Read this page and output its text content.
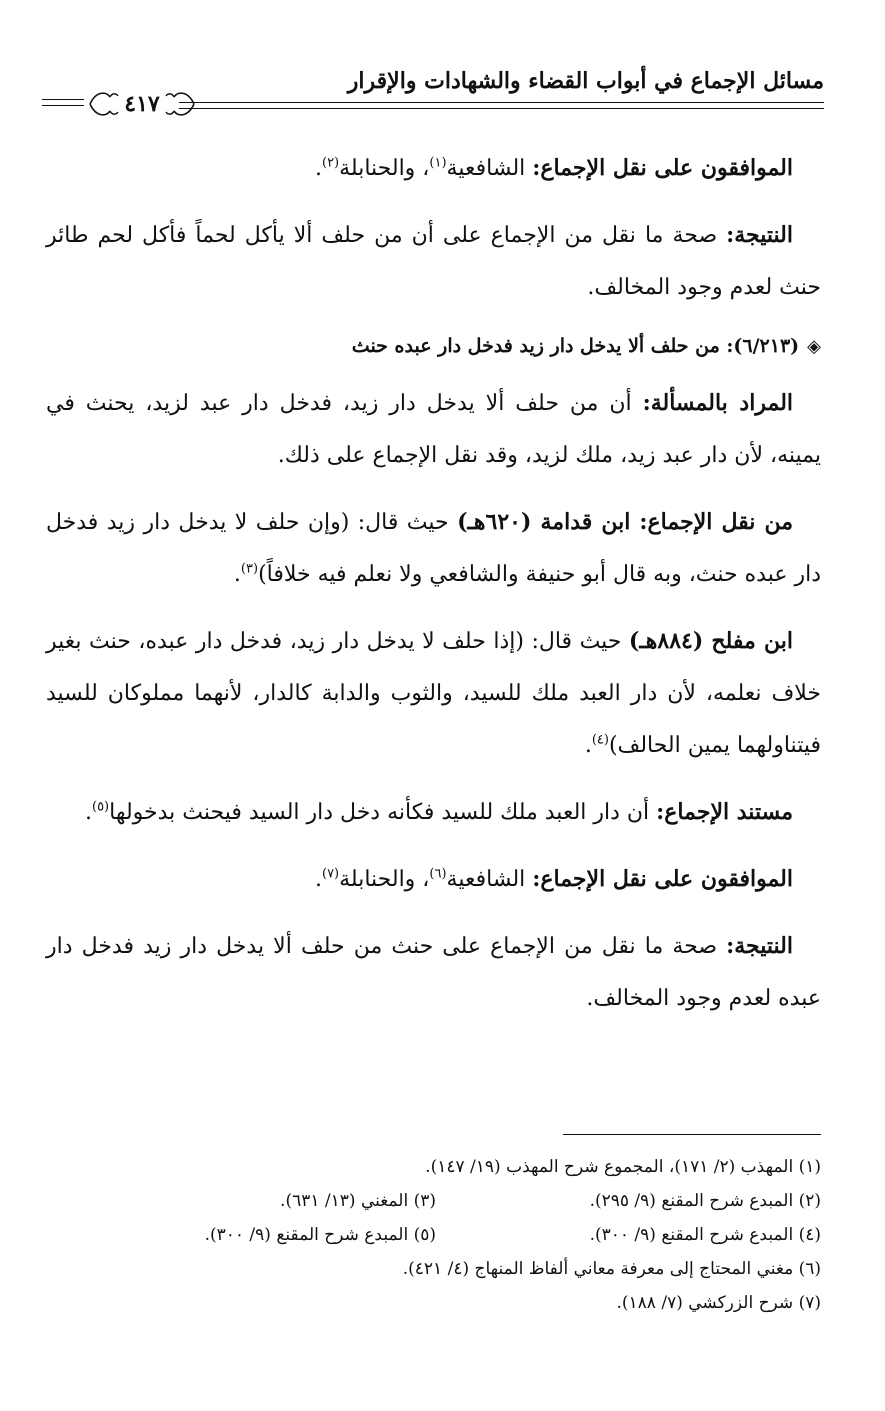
مسائل الإجماع في أبواب القضاء والشهادات والإقرار
٤١٧

الموافقون على نقل الإجماع: الشافعية$^{(١)}$، والحنابلة$^{(٢)}$.

النتيجة: صحة ما نقل من الإجماع على أن من حلف ألا يأكل لحماً فأكل لحم طائر حنث لعدم وجود المخالف.

◈(٦/٢١٣): من حلف ألا يدخل دار زيد فدخل دار عبده حنث

المراد بالمسألة: أن من حلف ألا يدخل دار زيد، فدخل دار عبد لزيد، يحنث في يمينه، لأن دار عبد زيد، ملك لزيد، وقد نقل الإجماع على ذلك.

من نقل الإجماع: ابن قدامة (٦٢٠هـ) حيث قال: (وإن حلف لا يدخل دار زيد فدخل دار عبده حنث، وبه قال أبو حنيفة والشافعي ولا نعلم فيه خلافاً)$^{(٣)}$.

ابن مفلح (٨٨٤هـ) حيث قال: (إذا حلف لا يدخل دار زيد، فدخل دار عبده، حنث بغير خلاف نعلمه، لأن دار العبد ملك للسيد، والثوب والدابة كالدار، لأنهما مملوكان للسيد فيتناولهما يمين الحالف)$^{(٤)}$.

مستند الإجماع: أن دار العبد ملك للسيد فكأنه دخل دار السيد فيحنث بدخولها$^{(٥)}$.

الموافقون على نقل الإجماع: الشافعية$^{(٦)}$، والحنابلة$^{(٧)}$.

النتيجة: صحة ما نقل من الإجماع على حنث من حلف ألا يدخل دار زيد فدخل دار عبده لعدم وجود المخالف.

(١) المهذب (٢/ ١٧١)، المجموع شرح المهذب (١٩/ ١٤٧).
(٢) المبدع شرح المقنع (٩/ ٢٩٥).
(٣) المغني (١٣/ ٦٣١).
(٤) المبدع شرح المقنع (٩/ ٣٠٠).
(٥) المبدع شرح المقنع (٩/ ٣٠٠).
(٦) مغني المحتاج إلى معرفة معاني ألفاظ المنهاج (٤/ ٤٢١).
(٧) شرح الزركشي (٧/ ١٨٨).
